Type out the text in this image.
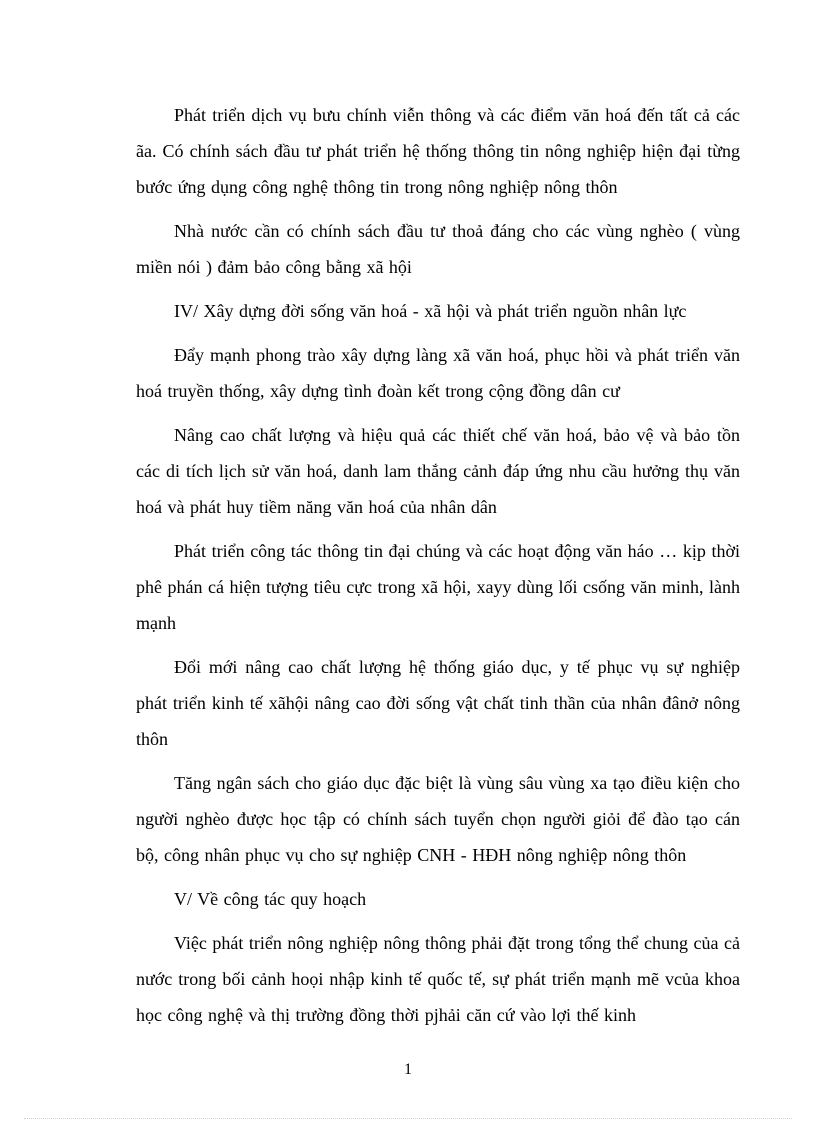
Phát triển dịch vụ bưu chính viễn thông và các điểm văn hoá đến tất cả các ãa. Có chính sách đầu tư phát triển hệ thống thông tin nông nghiệp hiện đại từng bước ứng dụng công nghệ thông tin trong nông nghiệp nông thôn

Nhà nước cần có chính sách đầu tư thoả đáng cho các vùng nghèo ( vùng miền nói ) đảm bảo công bằng xã hội

IV/ Xây dựng đời sống văn hoá - xã hội và phát triển nguồn nhân lực

Đẩy mạnh phong trào xây dựng làng xã văn hoá, phục hồi và phát triển văn hoá truyền thống, xây dựng tình đoàn kết trong cộng đồng dân cư

Nâng cao chất lượng và hiệu quả các thiết chế văn hoá, bảo vệ và bảo tồn các di tích lịch sử văn hoá, danh lam thắng cảnh đáp ứng nhu cầu hưởng thụ văn hoá và phát huy tiềm năng văn hoá của nhân dân

Phát triển công tác thông tin đại chúng và các hoạt động văn háo … kịp thời phê phán cá hiện tượng tiêu cực trong xã hội, xayy dùng lối csống văn minh, lành mạnh

Đổi mới nâng cao chất lượng hệ thống giáo dục, y tế phục vụ sự nghiệp phát triển kinh tế xãhội nâng cao đời sống vật chất tinh thần của nhân đânở nông thôn

Tăng ngân sách cho giáo dục đặc biệt là vùng sâu vùng xa tạo điều kiện cho người nghèo được học tập có chính sách tuyển chọn người giỏi để đào tạo cán bộ, công nhân phục vụ cho sự nghiệp CNH - HĐH nông nghiệp nông thôn

V/ Về công tác quy hoạch

Việc phát triển nông nghiệp nông thông phải đặt trong tổng thể chung của cả nước trong bối cảnh hoọi nhập kinh tế quốc tế, sự phát triển mạnh mẽ vcủa khoa học công nghệ và thị trường đồng thời pjhải căn cứ vào lợi thế kinh

1
